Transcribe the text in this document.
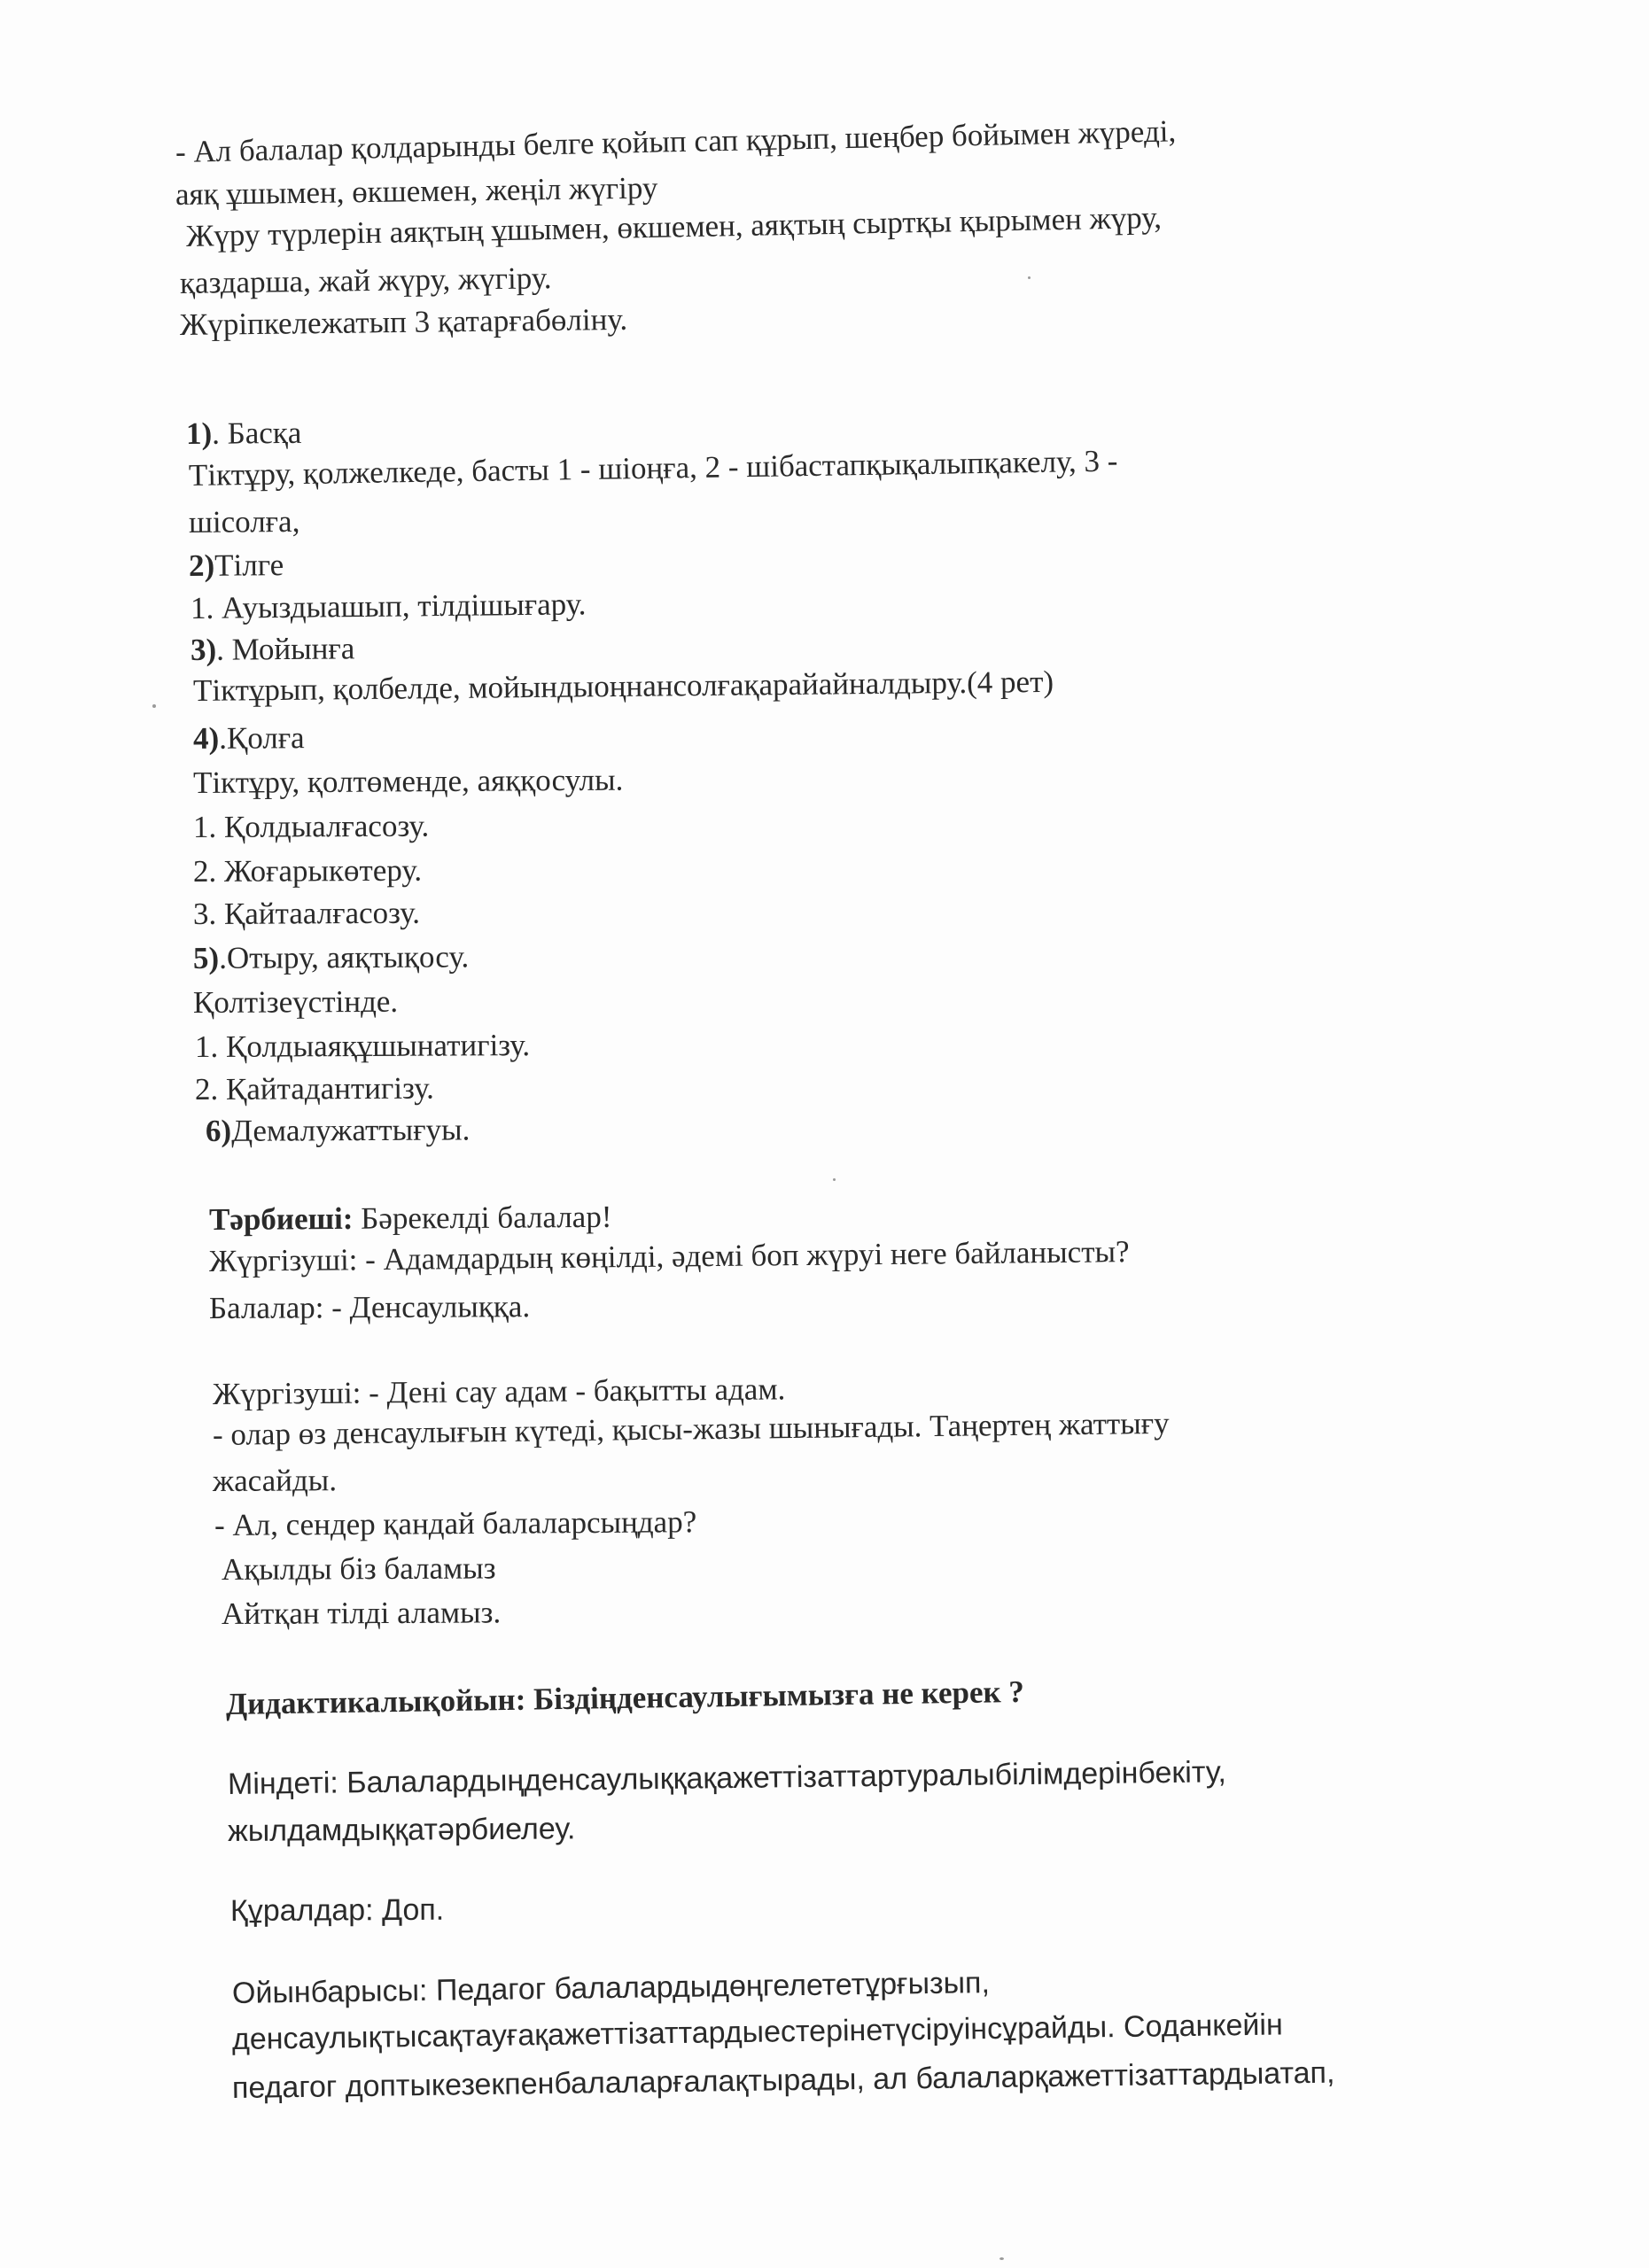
- Ал балалар қолдарынды белге қойып сап құрып, шеңбер бойымен жүреді,
аяқ ұшымен, өкшемен, жеңіл жүгіру
Жүру түрлерін аяқтың ұшымен, өкшемен, аяқтың сыртқы қырымен жүру,
қаздарша, жай жүру, жүгіру.
Жүріпкележатып 3 қатарғабөліну.
1). Басқа
Тіктұру, қолжелкеде, басты 1 - шіоңға, 2 - шібастапқықалыпқакелу, 3 -
шісолға,
2)Тілге
1. Ауыздыашып, тілдішығару.
3). Мойынға
Тіктұрып, қолбелде, мойындыоңнансолғақарайайналдыру.(4 рет)
4).Қолға
Тіктұру, қолтөменде, аяққосулы.
1. Қолдыалғасозу.
2. Жоғарыкөтеру.
3. Қайтаалғасозу.
5).Отыру, аяқтықосу.
Қолтізеүстінде.
1. Қолдыаяқұшынатигізу.
2. Қайтадантигізу.
6)Демалужаттығуы.
Тәрбиеші: Бәрекелді балалар!
Жүргізуші: - Адамдардың көңілді, әдемі боп жүруі неге байланысты?
Балалар: - Денсаулыққа.
Жүргізуші: - Дені сау адам - бақытты адам.
- олар өз денсаулығын күтеді, қысы-жазы шынығады. Таңертең жаттығу
жасайды.
- Ал, сендер қандай балаларсыңдар?
Ақылды біз баламыз
Айтқан тілді аламыз.
Дидактикалықойын: Біздіңденсаулығымызға не керек ?
Міндеті: Балалардыңденсаулыққақажеттізаттартуралыбілімдерінбекіту,
жылдамдыққатәрбиелеу.
Құралдар: Доп.
Ойынбарысы: Педагог балалардыдөңгелететұрғызып,
денсаулықтысақтауғақажеттізаттардыестерінетүсіруінсұрайды. Соданкейін
педагог доптыкезекпенбалаларғалақтырады, ал балаларқажеттізаттардыатап,
